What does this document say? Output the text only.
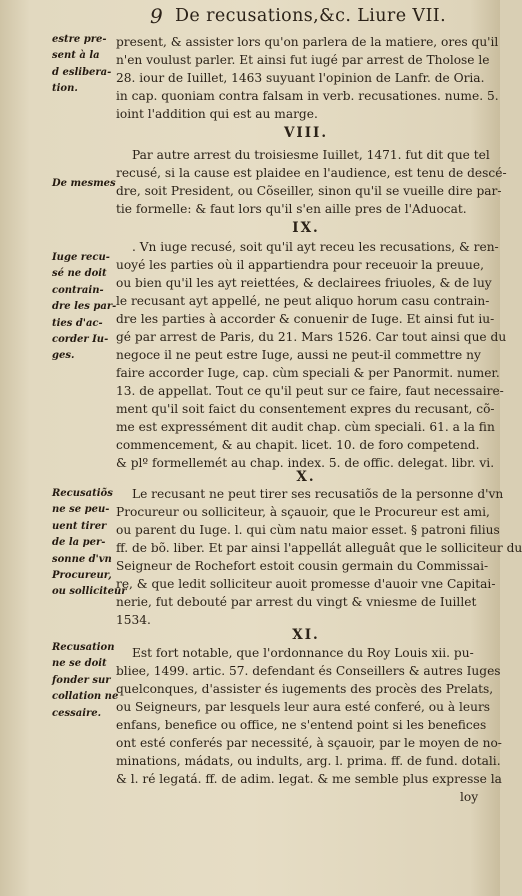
9 De recusations,&c. Liure VII.
estre pre-
sent à la
d eslibera-
tion.
De mesmes
Iuge recu-
sé ne doit
contrain-
dre les par-
ties d'ac-
corder Iu-
ges.
Recusatiõs
ne se peu-
uent tirer
de la per-
sonne d'vn
Procureur,
ou solliciteur
Recusation
ne se doit
fonder sur
collation ne
cessaire.
present, & assister lors qu'on parlera de la matiere, ores qu'il
n'en voulust parler. Et ainsi fut iugé par arrest de Tholose le
28. iour de Iuillet, 1463 suyuant l'opinion de Lanfr. de Oria.
in cap. quoniam contra falsam in verb. recusationes. nume. 5.
ioint l'addition qui est au marge.
VIII.
Par autre arrest du troisiesme Iuillet, 1471. fut dit que tel
recusé, si la cause est plaidee en l'audience, est tenu de descé-
dre, soit President, ou Cõseiller, sinon qu'il se vueille dire par-
tie formelle: & faut lors qu'il s'en aille pres de l'Aduocat.
IX.
. Vn iuge recusé, soit qu'il ayt receu les recusations, & ren-
uoyé les parties où il appartiendra pour receuoir la preuue,
ou bien qu'il les ayt reiettées, & declairees friuoles, & de luy
le recusant ayt appellé, ne peut aliquo horum casu contrain-
dre les parties à accorder & conuenir de Iuge. Et ainsi fut iu-
gé par arrest de Paris, du 21. Mars 1526. Car tout ainsi que du
negoce il ne peut estre Iuge, aussi ne peut-il commettre ny
faire accorder Iuge, cap. cùm speciali & per Panormit. numer.
13. de appellat. Tout ce qu'il peut sur ce faire, faut necessaire-
ment qu'il soit faict du consentement expres du recusant, cõ-
me est expressément dit audit chap. cùm speciali. 61. a la fin
commencement, & au chapit. licet. 10. de foro competend.
& plº formellemét au chap. index. 5. de offic. delegat. libr. vi.
X.
Le recusant ne peut tirer ses recusatiõs de la personne d'vn
Procureur ou solliciteur, à sçauoir, que le Procureur est ami,
ou parent du Iuge. l. qui cùm natu maior esset. § patroni filius
ff. de bõ. liber. Et par ainsi l'appellát alleguât que le solliciteur du
Seigneur de Rochefort estoit cousin germain du Commissai-
re, & que ledit solliciteur auoit promesse d'auoir vne Capitai-
nerie, fut debouté par arrest du vingt & vniesme de Iuillet
1534.
XI.
Est fort notable, que l'ordonnance du Roy Louis xii. pu-
bliee, 1499. artic. 57. defendant és Conseillers & autres Iuges
quelconques, d'assister és iugements des procès des Prelats,
ou Seigneurs, par lesquels leur aura esté conferé, ou à leurs
enfans, benefice ou office, ne s'entend point si les benefices
ont esté conferés par necessité, à sçauoir, par le moyen de no-
minations, mádats, ou indults, arg. l. prima. ff. de fund. dotali.
& l. ré legatá. ff. de adim. legat. & me semble plus expresse la
loy
